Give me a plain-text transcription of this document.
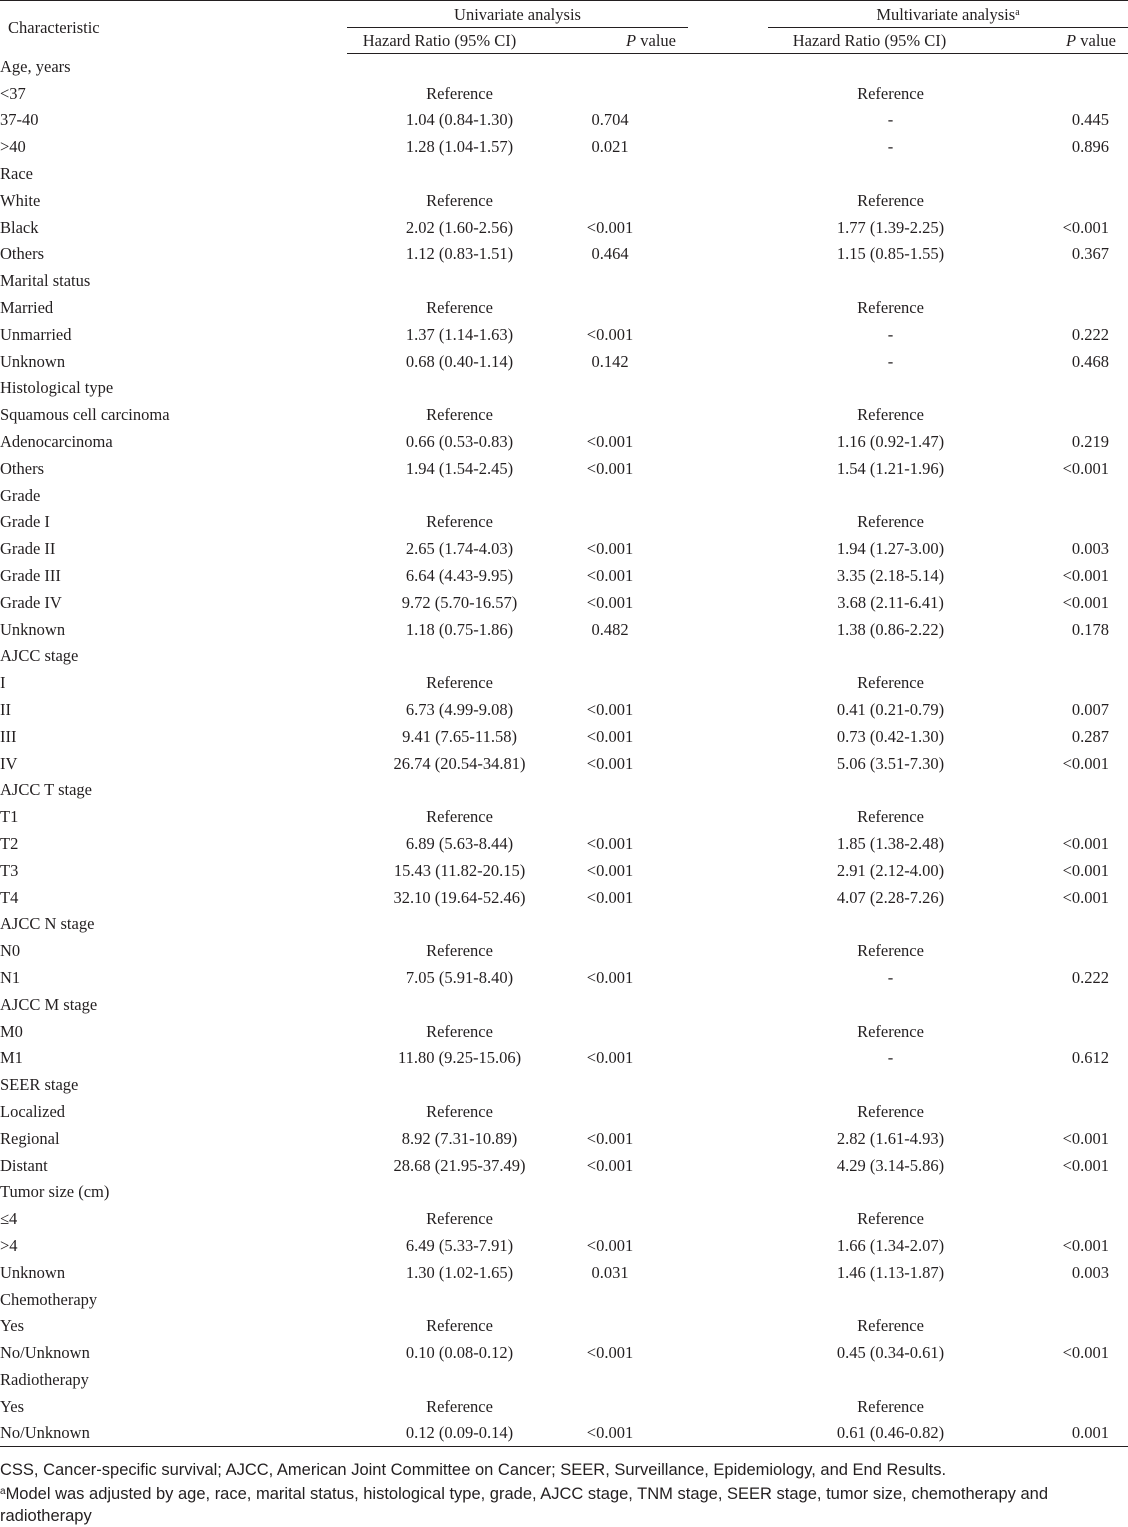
Characteristic	Univariate analysis			Multivariate analysis$^a$
	Hazard Ratio (95% CI)	P value		Hazard Ratio (95% CI)	P value
Age, years					
<37	Reference			Reference	
37-40	1.04 (0.84-1.30)	0.704		-	0.445
>40	1.28 (1.04-1.57)	0.021		-	0.896
Race					
White	Reference			Reference	
Black	2.02 (1.60-2.56)	<0.001		1.77 (1.39-2.25)	<0.001
Others	1.12 (0.83-1.51)	0.464		1.15 (0.85-1.55)	0.367
Marital status					
Married	Reference			Reference	
Unmarried	1.37 (1.14-1.63)	<0.001		-	0.222
Unknown	0.68 (0.40-1.14)	0.142		-	0.468
Histological type					
Squamous cell carcinoma	Reference			Reference	
Adenocarcinoma	0.66 (0.53-0.83)	<0.001		1.16 (0.92-1.47)	0.219
Others	1.94 (1.54-2.45)	<0.001		1.54 (1.21-1.96)	<0.001
Grade					
Grade I	Reference			Reference	
Grade II	2.65 (1.74-4.03)	<0.001		1.94 (1.27-3.00)	0.003
Grade III	6.64 (4.43-9.95)	<0.001		3.35 (2.18-5.14)	<0.001
Grade IV	9.72 (5.70-16.57)	<0.001		3.68 (2.11-6.41)	<0.001
Unknown	1.18 (0.75-1.86)	0.482		1.38 (0.86-2.22)	0.178
AJCC stage					
I	Reference			Reference	
II	6.73 (4.99-9.08)	<0.001		0.41 (0.21-0.79)	0.007
III	9.41 (7.65-11.58)	<0.001		0.73 (0.42-1.30)	0.287
IV	26.74 (20.54-34.81)	<0.001		5.06 (3.51-7.30)	<0.001
AJCC T stage					
T1	Reference			Reference	
T2	6.89 (5.63-8.44)	<0.001		1.85 (1.38-2.48)	<0.001
T3	15.43 (11.82-20.15)	<0.001		2.91 (2.12-4.00)	<0.001
T4	32.10 (19.64-52.46)	<0.001		4.07 (2.28-7.26)	<0.001
AJCC N stage					
N0	Reference			Reference	
N1	7.05 (5.91-8.40)	<0.001		-	0.222
AJCC M stage					
M0	Reference			Reference	
M1	11.80 (9.25-15.06)	<0.001		-	0.612
SEER stage					
Localized	Reference			Reference	
Regional	8.92 (7.31-10.89)	<0.001		2.82 (1.61-4.93)	<0.001
Distant	28.68 (21.95-37.49)	<0.001		4.29 (3.14-5.86)	<0.001
Tumor size (cm)					
≤4	Reference			Reference	
>4	6.49 (5.33-7.91)	<0.001		1.66 (1.34-2.07)	<0.001
Unknown	1.30 (1.02-1.65)	0.031		1.46 (1.13-1.87)	0.003
Chemotherapy					
Yes	Reference			Reference	
No/Unknown	0.10 (0.08-0.12)	<0.001		0.45 (0.34-0.61)	<0.001
Radiotherapy					
Yes	Reference			Reference	
No/Unknown	0.12 (0.09-0.14)	<0.001		0.61 (0.46-0.82)	0.001

CSS, Cancer-specific survival; AJCC, American Joint Committee on Cancer; SEER, Surveillance, Epidemiology, and End Results.

$^a$Model was adjusted by age, race, marital status, histological type, grade, AJCC stage, TNM stage, SEER stage, tumor size, chemotherapy and radiotherapy
